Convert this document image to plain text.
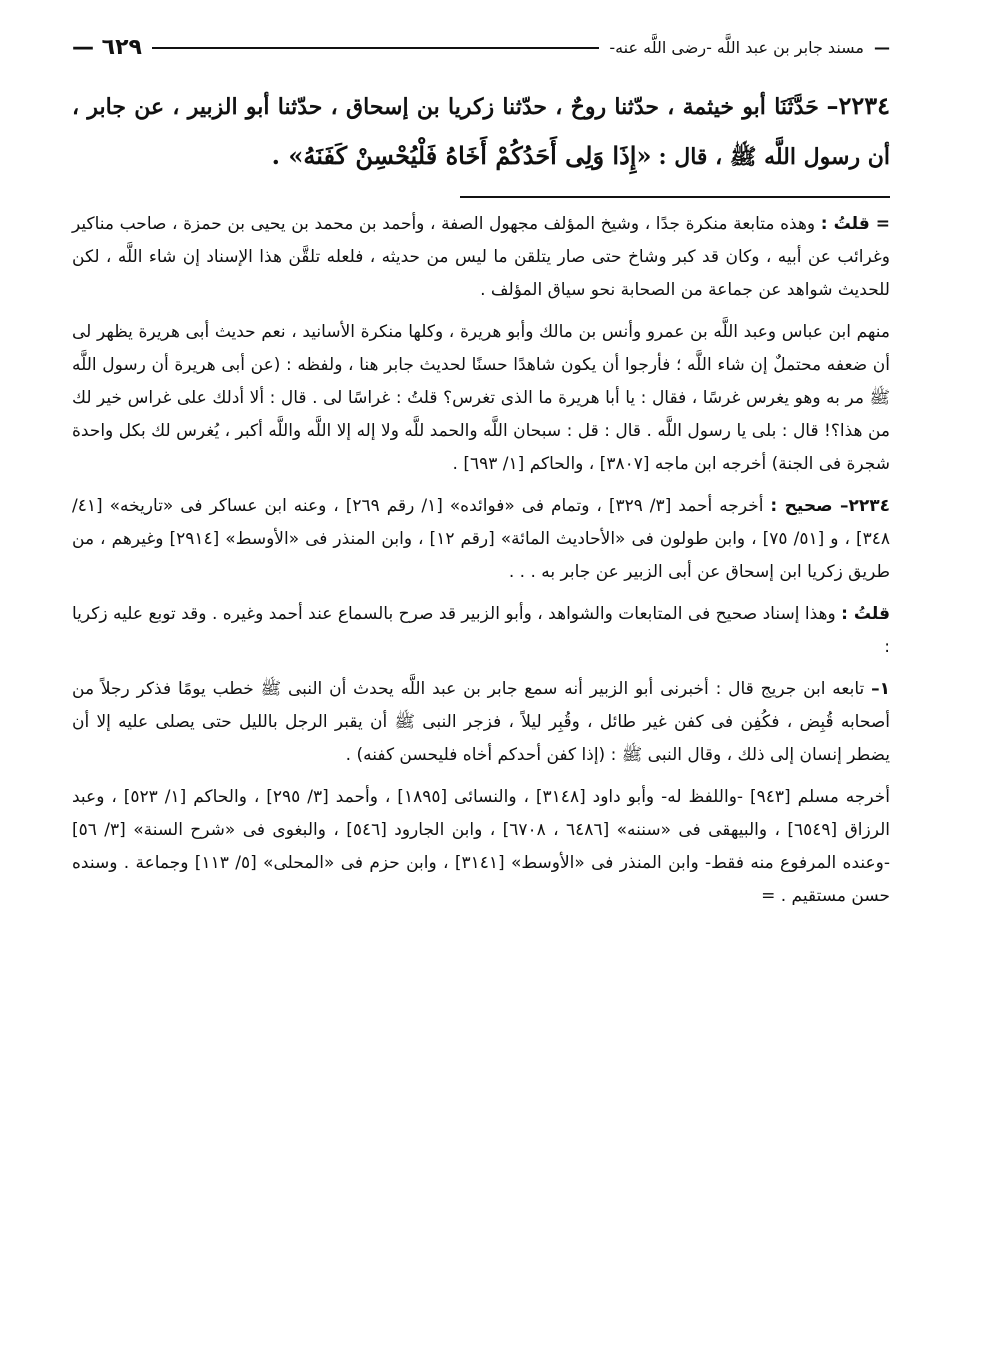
—
مسند جابر بن عبد اللَّه -رضى اللَّه عنه-
٦٢٩ —
٢٢٣٤– حَدَّثَنَا أبو خيثمة ، حدّثنا روحٌ ، حدّثنا زكريا بن إسحاق ، حدّثنا أبو الزبير ، عن جابر ، أن رسول اللَّه ﷺ ، قال : «إِذَا وَلِى أَحَدُكُمْ أَخَاهُ فَلْيُحْسِنْ كَفَنَهُ» .

=قلتُ : وهذه متابعة منكرة جدًا ، وشيخ المؤلف مجهول الصفة ، وأحمد بن محمد بن يحيى بن حمزة ، صاحب مناكير وغرائب عن أبيه ، وكان قد كبر وشاخ حتى صار يتلقن ما ليس من حديثه ، فلعله تلقَّن هذا الإسناد إن شاء اللَّه ، لكن للحديث شواهد عن جماعة من الصحابة نحو سياق المؤلف .

منهم ابن عباس وعبد اللَّه بن عمرو وأنس بن مالك وأبو هريرة ، وكلها منكرة الأسانيد ، نعم حديث أبى هريرة يظهر لى أن ضعفه محتملٌ إن شاء اللَّه ؛ فأرجوا أن يكون شاهدًا حسنًا لحديث جابر هنا ، ولفظه : (عن أبى هريرة أن رسول اللَّه ﷺ مر به وهو يغرس غرسًا ، فقال : يا أبا هريرة ما الذى تغرس؟ قلتُ : غراسًا لى . قال : ألا أدلك على غراس خير لك من هذا؟! قال : بلى يا رسول اللَّه . قال : قل : سبحان اللَّه والحمد للَّه ولا إله إلا اللَّه واللَّه أكبر ، يُغرس لك بكل واحدة شجرة فى الجنة) أخرجه ابن ماجه [٣٨٠٧] ، والحاكم [١/ ٦٩٣] .

٢٢٣٤– صحيح : أخرجه أحمد [٣/ ٣٢٩] ، وتمام فى «فوائده» [١/ رقم ٢٦٩] ، وعنه ابن عساكر فى «تاريخه» [٤١/ ٣٤٨] ، و [٥١/ ٧٥] ، وابن طولون فى «الأحاديث المائة» [رقم ١٢] ، وابن المنذر فى «الأوسط» [٢٩١٤] وغيرهم ، من طريق زكريا ابن إسحاق عن أبى الزبير عن جابر به . . .

قلتُ : وهذا إسناد صحيح فى المتابعات والشواهد ، وأبو الزبير قد صرح بالسماع عند أحمد وغيره . وقد توبع عليه زكريا :

١– تابعه ابن جريج قال : أخبرنى أبو الزبير أنه سمع جابر بن عبد اللَّه يحدث أن النبى ﷺ خطب يومًا فذكر رجلاً من أصحابه قُبِض ، فكُفِن فى كفن غير طائل ، وقُبِر ليلاً ، فزجر النبى ﷺ أن يقبر الرجل بالليل حتى يصلى عليه إلا أن يضطر إنسان إلى ذلك ، وقال النبى ﷺ : (إذا كفن أحدكم أخاه فليحسن كفنه) .

أخرجه مسلم [٩٤٣] -واللفظ له- وأبو داود [٣١٤٨] ، والنسائى [١٨٩٥] ، وأحمد [٣/ ٢٩٥] ، والحاكم [١/ ٥٢٣] ، وعبد الرزاق [٦٥٤٩] ، والبيهقى فى «سننه» [٦٤٨٦ ، ٦٧٠٨] ، وابن الجارود [٥٤٦] ، والبغوى فى «شرح السنة» [٣/ ٥٦] -وعنده المرفوع منه فقط- وابن المنذر فى «الأوسط» [٣١٤١] ، وابن حزم فى «المحلى» [٥/ ١١٣] وجماعة . وسنده حسن مستقيم . =
